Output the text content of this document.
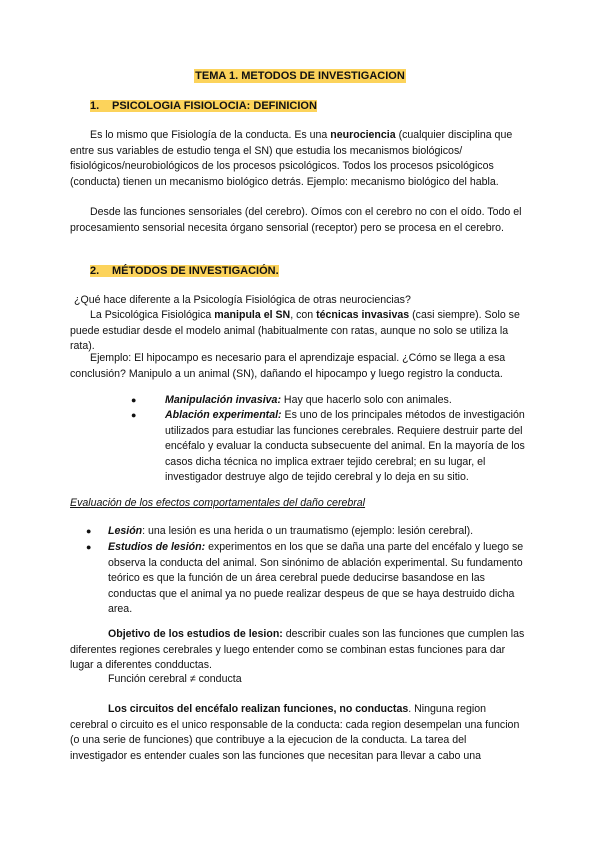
TEMA 1. METODOS DE INVESTIGACION
1. PSICOLOGIA FISIOLOCIA: DEFINICION

Es lo mismo que Fisiología de la conducta. Es una neurociencia (cualquier disciplina que entre sus variables de estudio tenga el SN) que estudia los mecanismos biológicos/ fisiológicos/neurobiológicos de los procesos psicológicos. Todos los procesos psicológicos (conducta) tienen un mecanismo biológico detrás. Ejemplo: mecanismo biológico del habla.

Desde las funciones sensoriales (del cerebro). Oímos con el cerebro no con el oído. Todo el procesamiento sensorial necesita órgano sensorial (receptor) pero se procesa en el cerebro.

2. MÉTODOS DE INVESTIGACIÓN.

¿Qué hace diferente a la Psicología Fisiológica de otras neurociencias?

La Psicológica Fisiológica manipula el SN, con técnicas invasivas (casi siempre). Solo se puede estudiar desde el modelo animal (habitualmente con ratas, aunque no solo se utiliza la rata).

Ejemplo: El hipocampo es necesario para el aprendizaje espacial. ¿Cómo se llega a esa conclusión? Manipulo a un animal (SN), dañando el hipocampo y luego registro la conducta.

●	Manipulación invasiva: Hay que hacerlo solo con animales.
●	Ablación experimental: Es uno de los principales métodos de investigación utilizados para estudiar las funciones cerebrales. Requiere destruir parte del encéfalo y evaluar la conducta subsecuente del animal. En la mayoría de los casos dicha técnica no implica extraer tejido cerebral; en su lugar, el investigador destruye algo de tejido cerebral y lo deja en su sitio.
Evaluación de los efectos comportamentales del daño cerebral
● Lesión: una lesión es una herida o un traumatismo (ejemplo: lesión cerebral).
● Estudios de lesión: experimentos en los que se daña una parte del encéfalo y luego se observa la conducta del animal. Son sinónimo de ablación experimental. Su fundamento teórico es que la función de un área cerebral puede deducirse basandose en las conductas que el animal ya no puede realizar despeus de que se haya destruido dicha area.

Objetivo de los estudios de lesion: describir cuales son las funciones que cumplen las diferentes regiones cerebrales y luego entender como se combinan estas funciones para dar lugar a diferentes condductas.

Función cerebral ≠ conducta

Los circuitos del encéfalo realizan funciones, no conductas. Ninguna region cerebral o circuito es el unico responsable de la conducta: cada region desempelan una funcion (o una serie de funciones) que contribuye a la ejecucion de la conducta. La tarea del investigador es entender cuales son las funciones que necesitan para llevar a cabo una
